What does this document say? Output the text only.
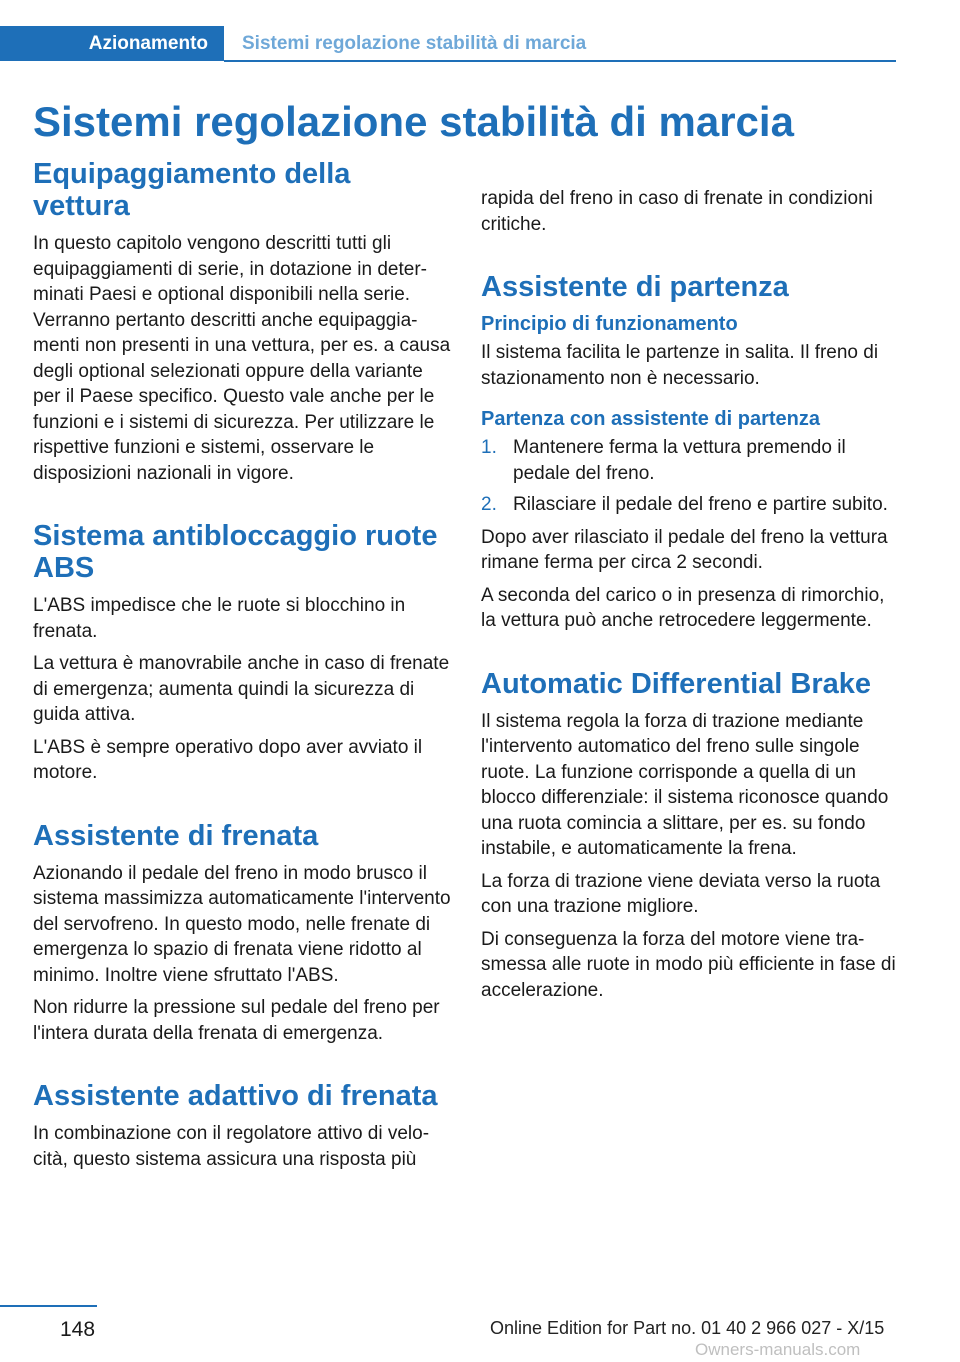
Azionamento	Sistemi regolazione stabilità di marcia
Sistemi regolazione stabilità di marcia
Equipaggiamento della vettura

In questo capitolo vengono descritti tutti gli equipaggiamenti di serie, in dotazione in determinati Paesi e optional disponibili nella serie. Verranno pertanto descritti anche equipaggiamenti non presenti in una vettura, per es. a causa degli optional selezionati oppure della variante per il Paese specifico. Questo vale anche per le funzioni e i sistemi di sicurezza. Per utilizzare le rispettive funzioni e sistemi, osservare le disposizioni nazionali in vigore.

Sistema antibloccaggio ruote ABS

L'ABS impedisce che le ruote si blocchino in frenata.

La vettura è manovrabile anche in caso di frenate di emergenza; aumenta quindi la sicurezza di guida attiva.

L'ABS è sempre operativo dopo aver avviato il motore.

Assistente di frenata

Azionando il pedale del freno in modo brusco il sistema massimizza automaticamente l'intervento del servofreno. In questo modo, nelle frenate di emergenza lo spazio di frenata viene ridotto al minimo. Inoltre viene sfruttato l'ABS.

Non ridurre la pressione sul pedale del freno per l'intera durata della frenata di emergenza.

Assistente adattivo di frenata

In combinazione con il regolatore attivo di velocità, questo sistema assicura una risposta più

rapida del freno in caso di frenate in condizioni critiche.

Assistente di partenza
Principio di funzionamento

Il sistema facilita le partenze in salita. Il freno di stazionamento non è necessario.

Partenza con assistente di partenza
1. Mantenere ferma la vettura premendo il pedale del freno.
2. Rilasciare il pedale del freno e partire subito.

Dopo aver rilasciato il pedale del freno la vettura rimane ferma per circa 2 secondi.

A seconda del carico o in presenza di rimorchio, la vettura può anche retrocedere leggermente.

Automatic Differential Brake

Il sistema regola la forza di trazione mediante l'intervento automatico del freno sulle singole ruote. La funzione corrisponde a quella di un blocco differenziale: il sistema riconosce quando una ruota comincia a slittare, per es. su fondo instabile, e automaticamente la frena.

La forza di trazione viene deviata verso la ruota con una trazione migliore.

Di conseguenza la forza del motore viene trasmessa alle ruote in modo più efficiente in fase di accelerazione.

148	Online Edition for Part no. 01 40 2 966 027 - X/15
Owners-manuals.com
